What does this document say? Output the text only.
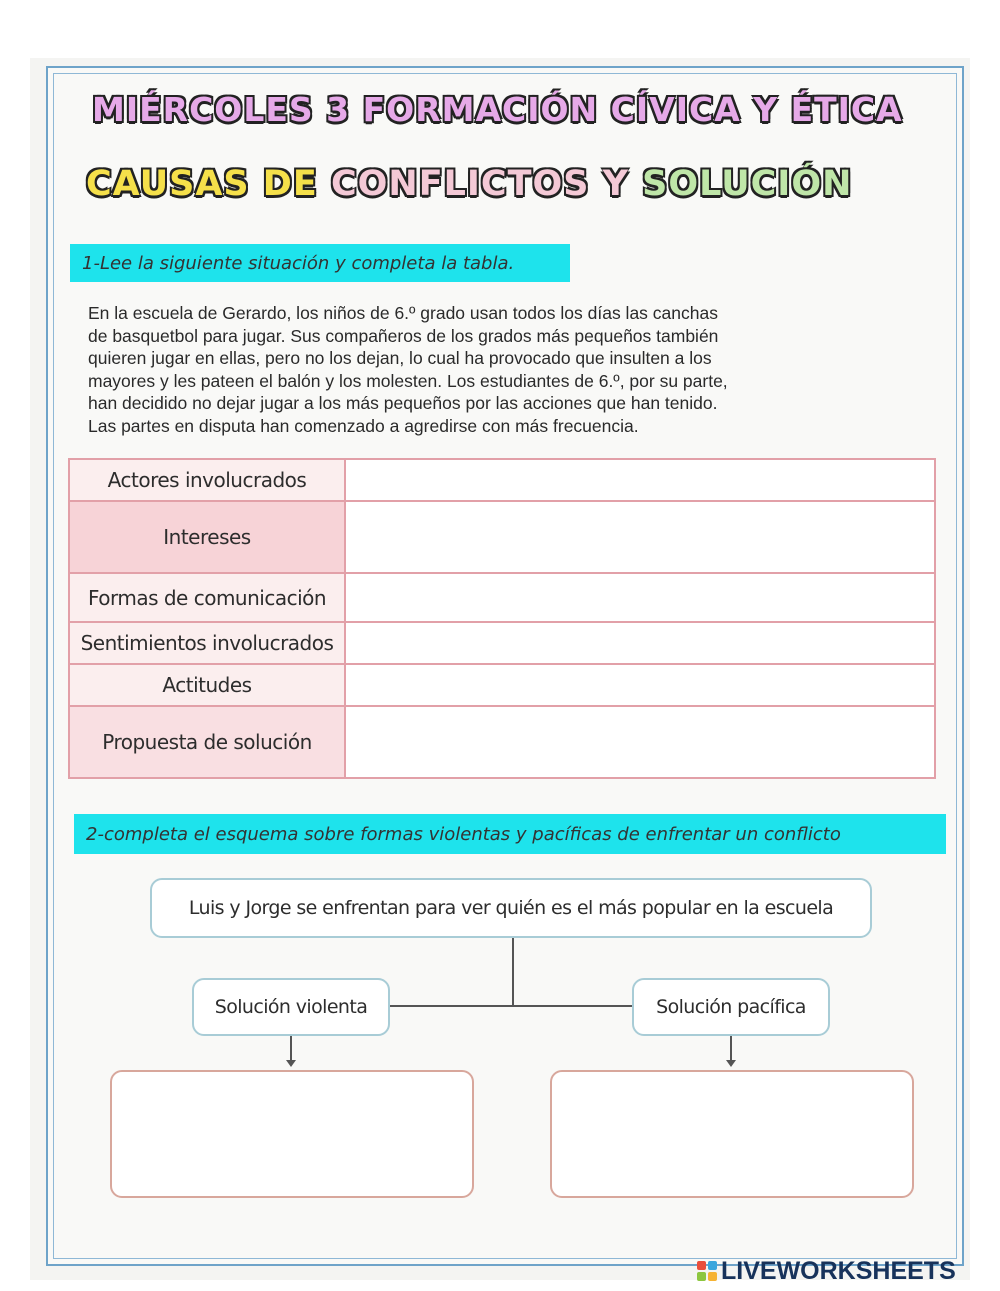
MIÉRCOLES 3 FORMACIÓN CÍVICA Y ÉTICA
CAUSAS DE CONFLICTOS Y SOLUCIÓN
1-Lee la siguiente situación y completa la tabla.

En la escuela de Gerardo, los niños de 6.º grado usan todos los días las canchas
de basquetbol para jugar. Sus compañeros de los grados más pequeños también
quieren jugar en ellas, pero no los dejan, lo cual ha provocado que insulten a los
mayores y les pateen el balón y los molesten. Los estudiantes de 6.º, por su parte,
han decidido no dejar jugar a los más pequeños por las acciones que han tenido.
Las partes en disputa han comenzado a agredirse con más frecuencia.

Actores involucrados	
Intereses	
Formas de comunicación	
Sentimientos involucrados	
Actitudes	
Propuesta de solución	
2-completa el esquema sobre formas violentas y pacíficas de enfrentar un conflicto
Luis y Jorge se enfrentan para ver quién es el más popular en la escuela
Solución violenta	Solución pacífica
LIVEWORKSHEETS
